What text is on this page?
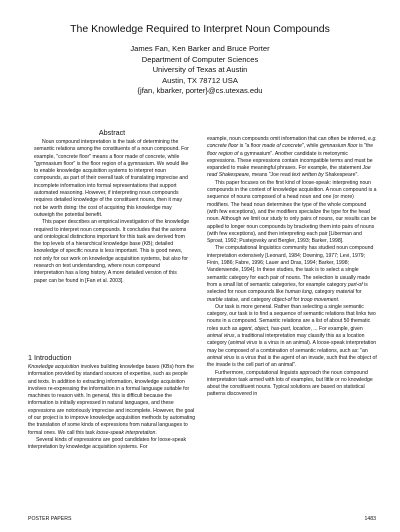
The Knowledge Required to Interpret Noun Compounds
James Fan, Ken Barker and Bruce Porter
Department of Computer Sciences
University of Texas at Austin
Austin, TX 78712 USA
{jfan, kbarker, porter}@cs.utexas.edu
Abstract

Noun compound interpretation is the task of determining the semantic relations among the constituents of a noun compound. For example, "concrete floor" means a floor made of concrete, while "gymnasium floor" is the floor region of a gymnasium. We would like to enable knowledge acquisition systems to interpret noun compounds, as part of their overall task of translating imprecise and incomplete information into formal representations that support automated reasoning. However, if interpreting noun compounds requires detailed knowledge of the constituent nouns, then it may not be worth doing: the cost of acquiring this knowledge may outweigh the potential benefit.

This paper describes an empirical investigation of the knowledge required to interpret noun compounds. It concludes that the axioms and ontological distinctions important for this task are derived from the top levels of a hierarchical knowledge base (KB); detailed knowledge of specific nouns is less important. This is good news, not only for our work on knowledge acquisition systems, but also for research on text understanding, where noun compound interpretation has a long history. A more detailed version of this paper can be found in [Fan et al. 2003].

1 Introduction

Knowledge acquisition involves building knowledge bases (KBs) from the information provided by standard sources of expertise, such as people and texts. In addition to extracting information, knowledge acquisition involves re-expressing the information in a formal language suitable for machines to reason with. In general, this is difficult because the information is initially expressed in natural languages, and these expressions are notoriously imprecise and incomplete. However, the goal of our project is to improve knowledge acquisition methods by automating the translation of some kinds of expressions from natural languages to formal ones. We call this task loose-speak interpretation.

Several kinds of expressions are good candidates for loose-speak interpretation by knowledge acquisition systems. For

example, noun compounds omit information that can often be inferred, e.g. concrete floor is "a floor made of concrete", while gymnasium floor is "the floor region of a gymnasium". Another candidate is metonymic expressions. These expressions contain incompatible terms and must be expanded to make meaningful phrases. For example, the statement Joe read Shakespeare, means "Joe read text written by Shakespeare".

This paper focuses on the first kind of loose-speak: interpreting noun compounds in the context of knowledge acquisition. A noun compound is a sequence of nouns composed of a head noun and one (or more) modifiers. The head noun determines the type of the whole compound (with few exceptions), and the modifiers specialize the type for the head noun. Although we limit our study to only pairs of nouns, our results can be applied to longer noun compounds by bracketing them into pairs of nouns (with few exceptions), and then interpreting each pair [Liberman and Sproat, 1992; Pustejovsky and Bergler, 1993; Barker, 1998].

The computational linguistics community has studied noun compound interpretation extensively [Leonard, 1984; Downing, 1977; Levi, 1979; Finin, 1986; Fabre, 1996; Lauer and Dras, 1994; Barker, 1998; Vanderwende, 1994]. In these studies, the task is to select a single semantic category for each pair of nouns. The selection is usually made from a small list of semantic categories, for example category part-of is selected for noun compounds like human lung, category material for marble statue, and category object-of for troop movement.

Our task is more general. Rather than selecting a single semantic category, our task is to find a sequence of semantic relations that links two nouns in a compound. Semantic relations are a list of about 50 thematic roles such as agent, object, has-part, location, ... For example, given animal virus, a traditional interpretation may classify this as a location category (animal virus is a virus in an animal). A loose-speak interpretation may be composed of a combination of semantic relations, such as: "an animal virus is a virus that is the agent of an invade, such that the object of the invade is the cell part of an animal".

Furthermore, computational linguists approach the noun compound interpretation task armed with lots of examples, but little or no knowledge about the constituent nouns. Typical solutions are based on statistical patterns discovered in

POSTER PAPERS	1483
